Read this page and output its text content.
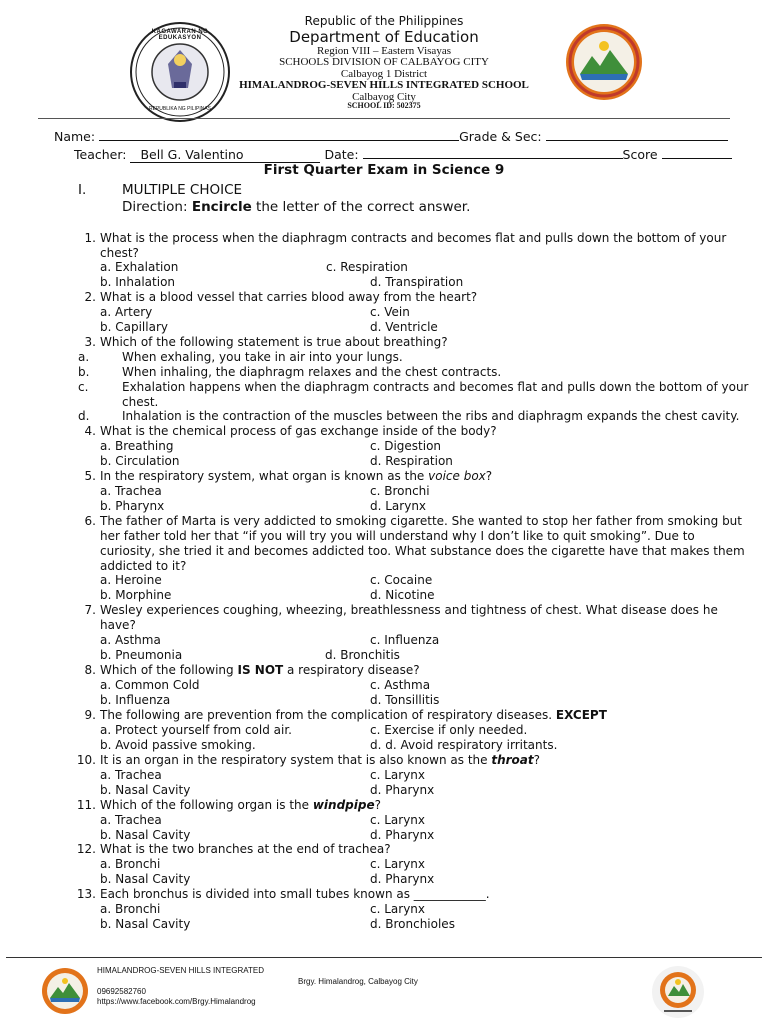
KAGAWARAN NG EDUKASYON
REPUBLIKA NG PILIPINAS
Republic of the Philippines
Department of Education
Region VIII – Eastern Visayas
SCHOOLS DIVISION OF CALBAYOG CITY
Calbayog 1 District
HIMALANDROG-SEVEN HILLS INTEGRATED SCHOOL
Calbayog City
SCHOOL ID: 502375
Name:	Grade & Sec:
Teacher: Bell G. Valentino	Date:	Score
First Quarter Exam in Science 9
I.	MULTIPLE CHOICE
Direction: Encircle the letter of the correct answer.
1. What is the process when the diaphragm contracts and becomes flat and pulls down the bottom of your chest?
a. Exhalation	c. Respiration
b. Inhalation	d. Transpiration
2. What is a blood vessel that carries blood away from the heart?
a. Artery	c. Vein
b. Capillary	d. Ventricle
3. Which of the following statement is true about breathing?
a.	When exhaling, you take in air into your lungs.
b.	When inhaling, the diaphragm relaxes and the chest contracts.
c.	Exhalation happens when the diaphragm contracts and becomes flat and pulls down the bottom of your chest.
d.	Inhalation is the contraction of the muscles between the ribs and diaphragm expands the chest cavity.
4. What is the chemical process of gas exchange inside of the body?
a. Breathing	c. Digestion
b. Circulation	d. Respiration
5. In the respiratory system, what organ is known as the voice box?
a. Trachea	c. Bronchi
b. Pharynx	d. Larynx
6. The father of Marta is very addicted to smoking cigarette. She wanted to stop her father from smoking but her father told her that “if you will try you will understand why I don’t like to quit smoking”. Due to curiosity, she tried it and becomes addicted too. What substance does the cigarette have that makes them addicted to it?
a. Heroine	c. Cocaine
b. Morphine	d. Nicotine
7. Wesley experiences coughing, wheezing, breathlessness and tightness of chest. What disease does he have?
a. Asthma	c. Influenza
b. Pneumonia	d. Bronchitis
8. Which of the following IS NOT a respiratory disease?
a. Common Cold	c. Asthma
b. Influenza	d. Tonsillitis
9. The following are prevention from the complication of respiratory diseases. EXCEPT
a. Protect yourself from cold air.	c. Exercise if only needed.
b. Avoid passive smoking.	d. d. Avoid respiratory irritants.
10. It is an organ in the respiratory system that is also known as the throat?
a. Trachea	c. Larynx
b. Nasal Cavity	d. Pharynx
11. Which of the following organ is the windpipe?
a. Trachea	c. Larynx
b. Nasal Cavity	d. Pharynx
12. What is the two branches at the end of trachea?
a. Bronchi	c. Larynx
b. Nasal Cavity	d. Pharynx
13. Each bronchus is divided into small tubes known as ____________.
a. Bronchi	c. Larynx
b. Nasal Cavity	d. Bronchioles
HIMALANDROG-SEVEN HILLS INTEGRATED
09692582760
https://www.facebook.com/Brgy.Himalandrog
Brgy. Himalandrog, Calbayog City
